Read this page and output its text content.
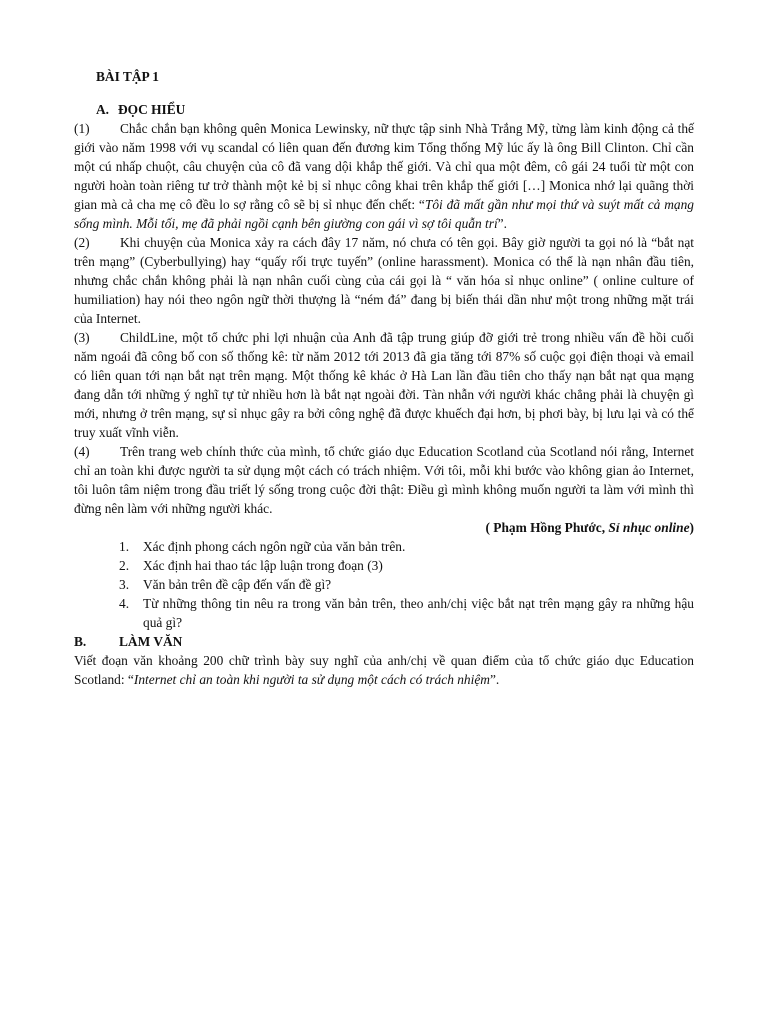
BÀI TẬP 1
A. ĐỌC HIỂU

(1) Chắc chắn bạn không quên Monica Lewinsky, nữ thực tập sinh Nhà Trắng Mỹ, từng làm kinh động cả thế giới vào năm 1998 với vụ scandal có liên quan đến đương kim Tổng thống Mỹ lúc ấy là ông Bill Clinton. Chỉ cần một cú nhấp chuột, câu chuyện của cô đã vang dội khắp thế giới. Và chỉ qua một đêm, cô gái 24 tuổi từ một con người hoàn toàn riêng tư trở thành một kẻ bị sỉ nhục công khai trên khắp thế giới […] Monica nhớ lại quãng thời gian mà cả cha mẹ cô đều lo sợ rằng cô sẽ bị sỉ nhục đến chết: “Tôi đã mất gần như mọi thứ và suýt mất cả mạng sống mình. Mỗi tối, mẹ đã phải ngồi cạnh bên giường con gái vì sợ tôi quẫn trí”.

(2) Khi chuyện của Monica xảy ra cách đây 17 năm, nó chưa có tên gọi. Bây giờ người ta gọi nó là “bắt nạt trên mạng” (Cyberbullying) hay “quấy rối trực tuyến” (online harassment). Monica có thể là nạn nhân đầu tiên, nhưng chắc chắn không phải là nạn nhân cuối cùng của cái gọi là “ văn hóa sỉ nhục online” ( online culture of humiliation) hay nói theo ngôn ngữ thời thượng là “ném đá” đang bị biến thái dần như một trong những mặt trái của Internet.

(3) ChildLine, một tổ chức phi lợi nhuận của Anh đã tập trung giúp đỡ giới trẻ trong nhiều vấn đề hồi cuối năm ngoái đã công bố con số thống kê: từ năm 2012 tới 2013 đã gia tăng tới 87% số cuộc gọi điện thoại và email có liên quan tới nạn bắt nạt trên mạng. Một thống kê khác ở Hà Lan lần đầu tiên cho thấy nạn bắt nạt qua mạng đang dẫn tới những ý nghĩ tự tử nhiều hơn là bắt nạt ngoài đời. Tàn nhẫn với người khác chẳng phải là chuyện gì mới, nhưng ở trên mạng, sự sỉ nhục gây ra bởi công nghệ đã được khuếch đại hơn, bị phơi bày, bị lưu lại và có thể truy xuất vĩnh viễn.

(4) Trên trang web chính thức của mình, tổ chức giáo dục Education Scotland của Scotland nói rằng, Internet chỉ an toàn khi được người ta sử dụng một cách có trách nhiệm. Với tôi, mỗi khi bước vào không gian ảo Internet, tôi luôn tâm niệm trong đầu triết lý sống trong cuộc đời thật: Điều gì mình không muốn người ta làm với mình thì đừng nên làm với những người khác.

( Phạm Hồng Phước, Sỉ nhục online)
1. Xác định phong cách ngôn ngữ của văn bản trên.
2. Xác định hai thao tác lập luận trong đoạn (3)
3. Văn bản trên đề cập đến vấn đề gì?
4. Từ những thông tin nêu ra trong văn bản trên, theo anh/chị việc bắt nạt trên mạng gây ra những hậu quả gì?
B. LÀM VĂN
Viết đoạn văn khoảng 200 chữ trình bày suy nghĩ của anh/chị về quan điểm của tổ chức giáo dục Education Scotland: “Internet chỉ an toàn khi người ta sử dụng một cách có trách nhiệm”.
